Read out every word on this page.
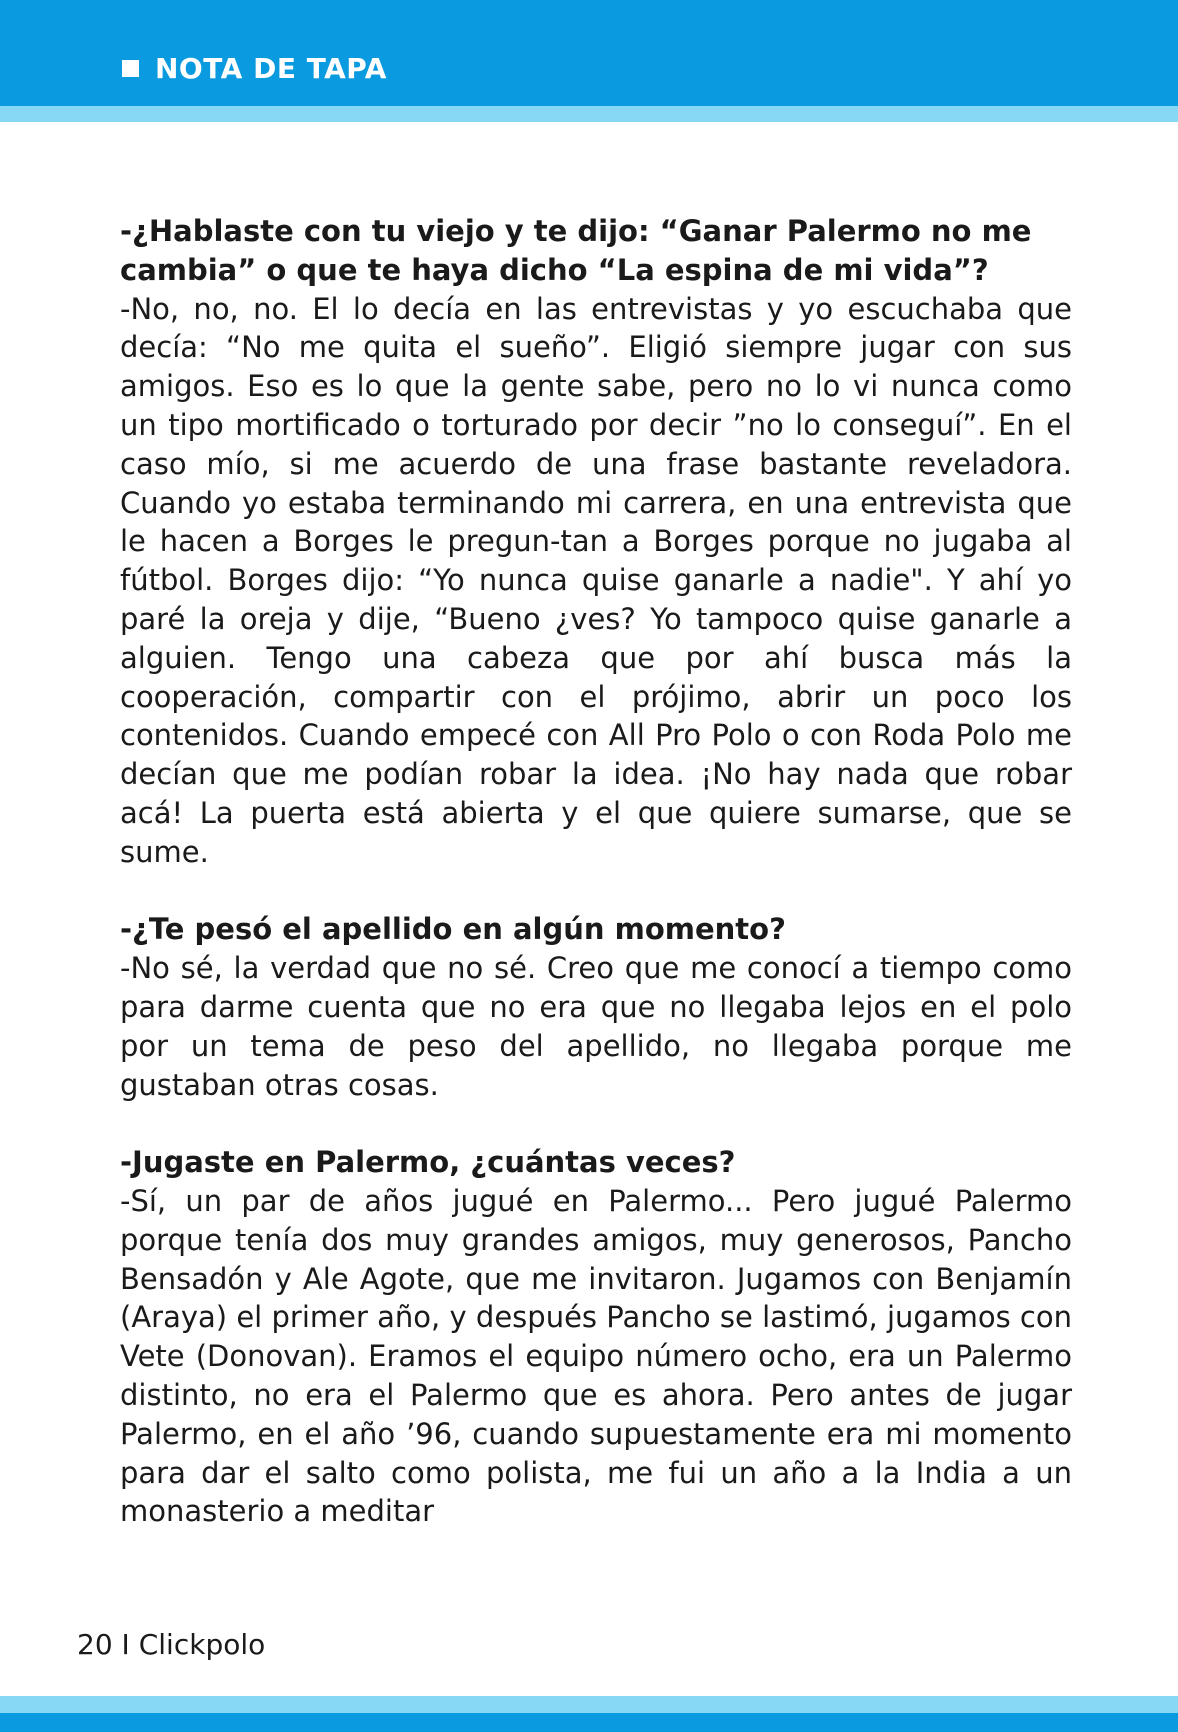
NOTA DE TAPA

-¿Hablaste con tu viejo y te dijo: “Ganar Palermo no me cambia” o que te haya dicho “La espina de mi vida”?

-No, no, no. El lo decía en las entrevistas y yo escuchaba que decía: “No me quita el sueño”. Eligió siempre jugar con sus amigos. Eso es lo que la gente sabe, pero no lo vi nunca como un tipo mortificado o torturado por decir ”no lo conseguí”. En el caso mío, si me acuerdo de una frase bastante reveladora. Cuando yo estaba terminando mi carrera, en una entrevista que le hacen a Borges le pregun-tan a Borges porque no jugaba al fútbol. Borges dijo: “Yo nunca quise ganarle a nadie". Y ahí yo paré la oreja y dije, “Bueno ¿ves? Yo tampoco quise ganarle a alguien. Tengo una cabeza que por ahí busca más la cooperación, compartir con el prójimo, abrir un poco los contenidos. Cuando empecé con All Pro Polo o con Roda Polo me decían que me podían robar la idea. ¡No hay nada que robar acá! La puerta está abierta y el que quiere sumarse, que se sume.

-¿Te pesó el apellido en algún momento?

-No sé, la verdad que no sé. Creo que me conocí a tiempo como para darme cuenta que no era que no llegaba lejos en el polo por un tema de peso del apellido, no llegaba porque me gustaban otras cosas.

-Jugaste en Palermo, ¿cuántas veces?

-Sí, un par de años jugué en Palermo... Pero jugué Palermo porque tenía dos muy grandes amigos, muy generosos, Pancho Bensadón y Ale Agote, que me invitaron. Jugamos con Benjamín (Araya) el primer año, y después Pancho se lastimó, jugamos con Vete (Donovan). Eramos el equipo número ocho, era un Palermo distinto, no era el Palermo que es ahora. Pero antes de jugar Palermo, en el año ’96, cuando supuestamente era mi momento para dar el salto como polista, me fui un año a la India a un monasterio a meditar

20 I Clickpolo
